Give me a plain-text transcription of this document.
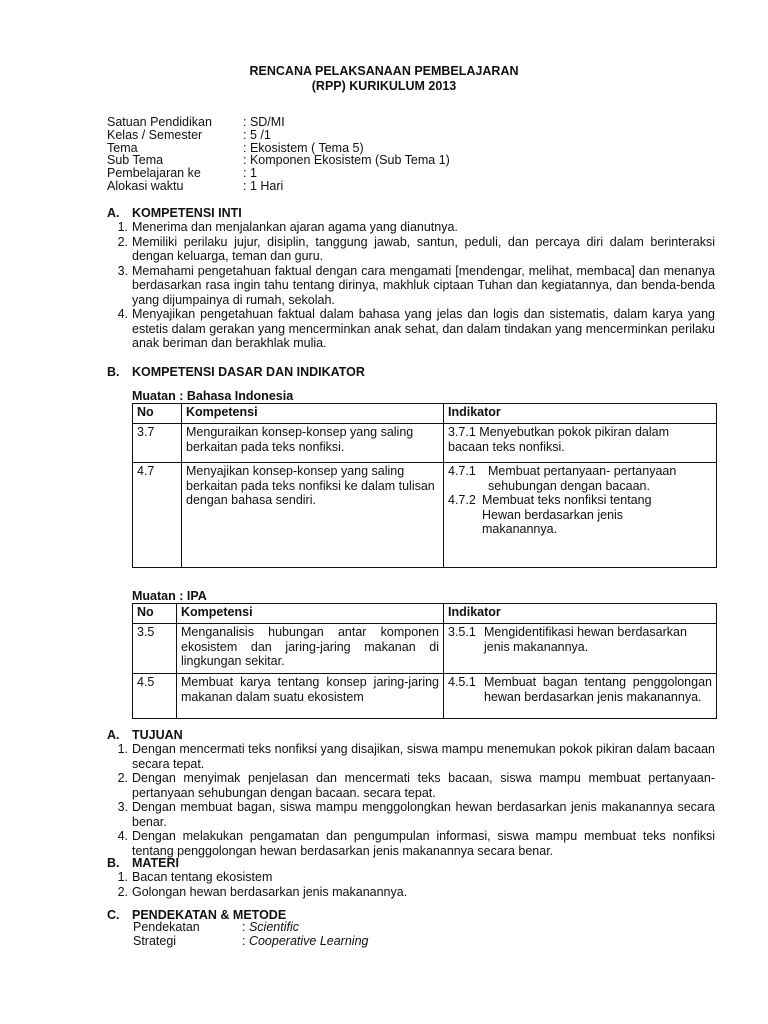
RENCANA PELAKSANAAN PEMBELAJARAN
(RPP) KURIKULUM 2013
Satuan Pendidikan	: SD/MI
Kelas / Semester	: 5 /1
Tema	: Ekosistem ( Tema 5)
Sub Tema	: Komponen Ekosistem (Sub Tema 1)
Pembelajaran ke	: 1
Alokasi waktu	: 1 Hari
A. KOMPETENSI INTI
1. Menerima dan menjalankan ajaran agama yang dianutnya.
2. Memiliki perilaku jujur, disiplin, tanggung jawab, santun, peduli, dan percaya diri dalam berinteraksi dengan keluarga, teman dan guru.
3. Memahami pengetahuan faktual dengan cara mengamati [mendengar, melihat, membaca] dan menanya berdasarkan rasa ingin tahu tentang dirinya, makhluk ciptaan Tuhan dan kegiatannya, dan benda-benda yang dijumpainya di rumah, sekolah.
4. Menyajikan pengetahuan faktual dalam bahasa yang jelas dan logis dan sistematis, dalam karya yang estetis dalam gerakan yang mencerminkan anak sehat, dan dalam tindakan yang mencerminkan perilaku anak beriman dan berakhlak mulia.
B. KOMPETENSI DASAR DAN INDIKATOR
Muatan : Bahasa Indonesia
No	Kompetensi	Indikator
3.7	Menguraikan konsep-konsep yang saling berkaitan pada teks nonfiksi.	3.7.1 Menyebutkan pokok pikiran dalam bacaan teks nonfiksi.

4.7	Menyajikan konsep-konsep yang saling berkaitan pada teks nonfiksi ke dalam tulisan dengan bahasa sendiri.	4.7.1 Membuat pertanyaan- pertanyaan sehubungan dengan bacaan.
4.7.2 Membuat teks nonfiksi tentang Hewan berdasarkan jenis makanannya.
Muatan : IPA
No	Kompetensi	Indikator
3.5	Menganalisis hubungan antar komponen ekosistem dan jaring-jaring makanan di lingkungan sekitar.	3.5.1 Mengidentifikasi hewan berdasarkan jenis makanannya.

4.5	Membuat karya tentang konsep jaring-jaring makanan dalam suatu ekosistem	4.5.1 Membuat bagan tentang penggolongan hewan berdasarkan jenis makanannya.
A. TUJUAN
1. Dengan mencermati teks nonfiksi yang disajikan, siswa mampu menemukan pokok pikiran dalam bacaan secara tepat.
2. Dengan menyimak penjelasan dan mencermati teks bacaan, siswa mampu membuat pertanyaan-pertanyaan sehubungan dengan bacaan. secara tepat.
3. Dengan membuat bagan, siswa mampu menggolongkan hewan berdasarkan jenis makanannya secara benar.
4. Dengan melakukan pengamatan dan pengumpulan informasi, siswa mampu membuat teks nonfiksi tentang penggolongan hewan berdasarkan jenis makanannya secara benar.
B. MATERI
1. Bacan tentang ekosistem
2. Golongan hewan berdasarkan jenis makanannya.
C. PENDEKATAN & METODE
Pendekatan	: Scientific
Strategi	: Cooperative Learning
